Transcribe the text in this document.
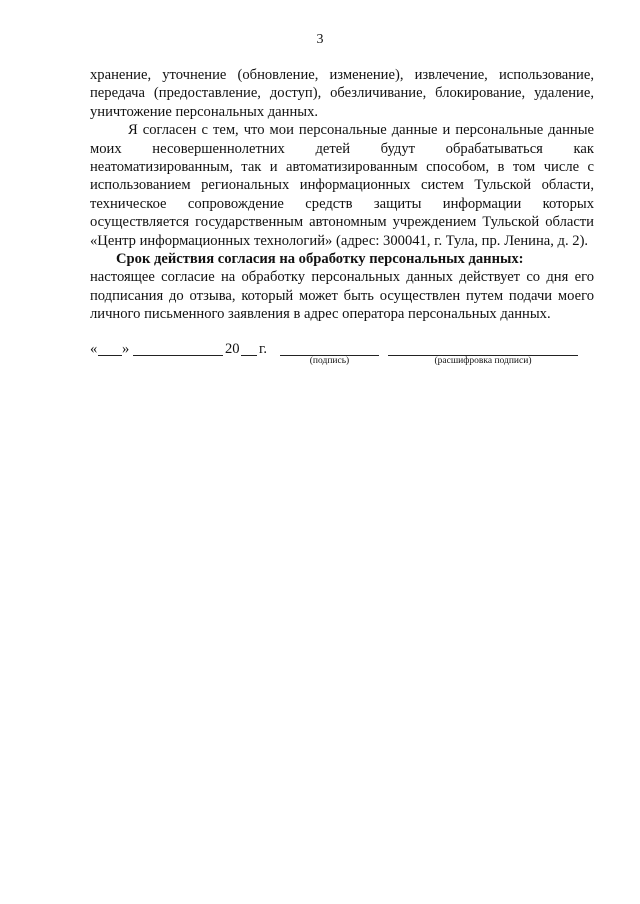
3

хранение, уточнение (обновление, изменение), извлечение, использование, передача (предоставление, доступ), обезличивание, блокирование, удаление, уничтожение персональных данных.

Я согласен с тем, что мои персональные данные и персональные данные моих несовершеннолетних детей будут обрабатываться как неатоматизированным, так и автоматизированным способом, в том числе с использованием региональных информационных систем Тульской области, техническое сопровождение средств защиты информации которых осуществляется государственным автономным учреждением Тульской области «Центр информационных технологий» (адрес: 300041, г. Тула, пр. Ленина, д. 2).

Срок действия согласия на обработку персональных данных:

настоящее согласие на обработку персональных данных действует со дня его подписания до отзыва, который может быть осуществлен путем подачи моего личного письменного заявления в адрес оператора персональных данных.

« »	20 г.
(подпись)	(расшифровка подписи)
